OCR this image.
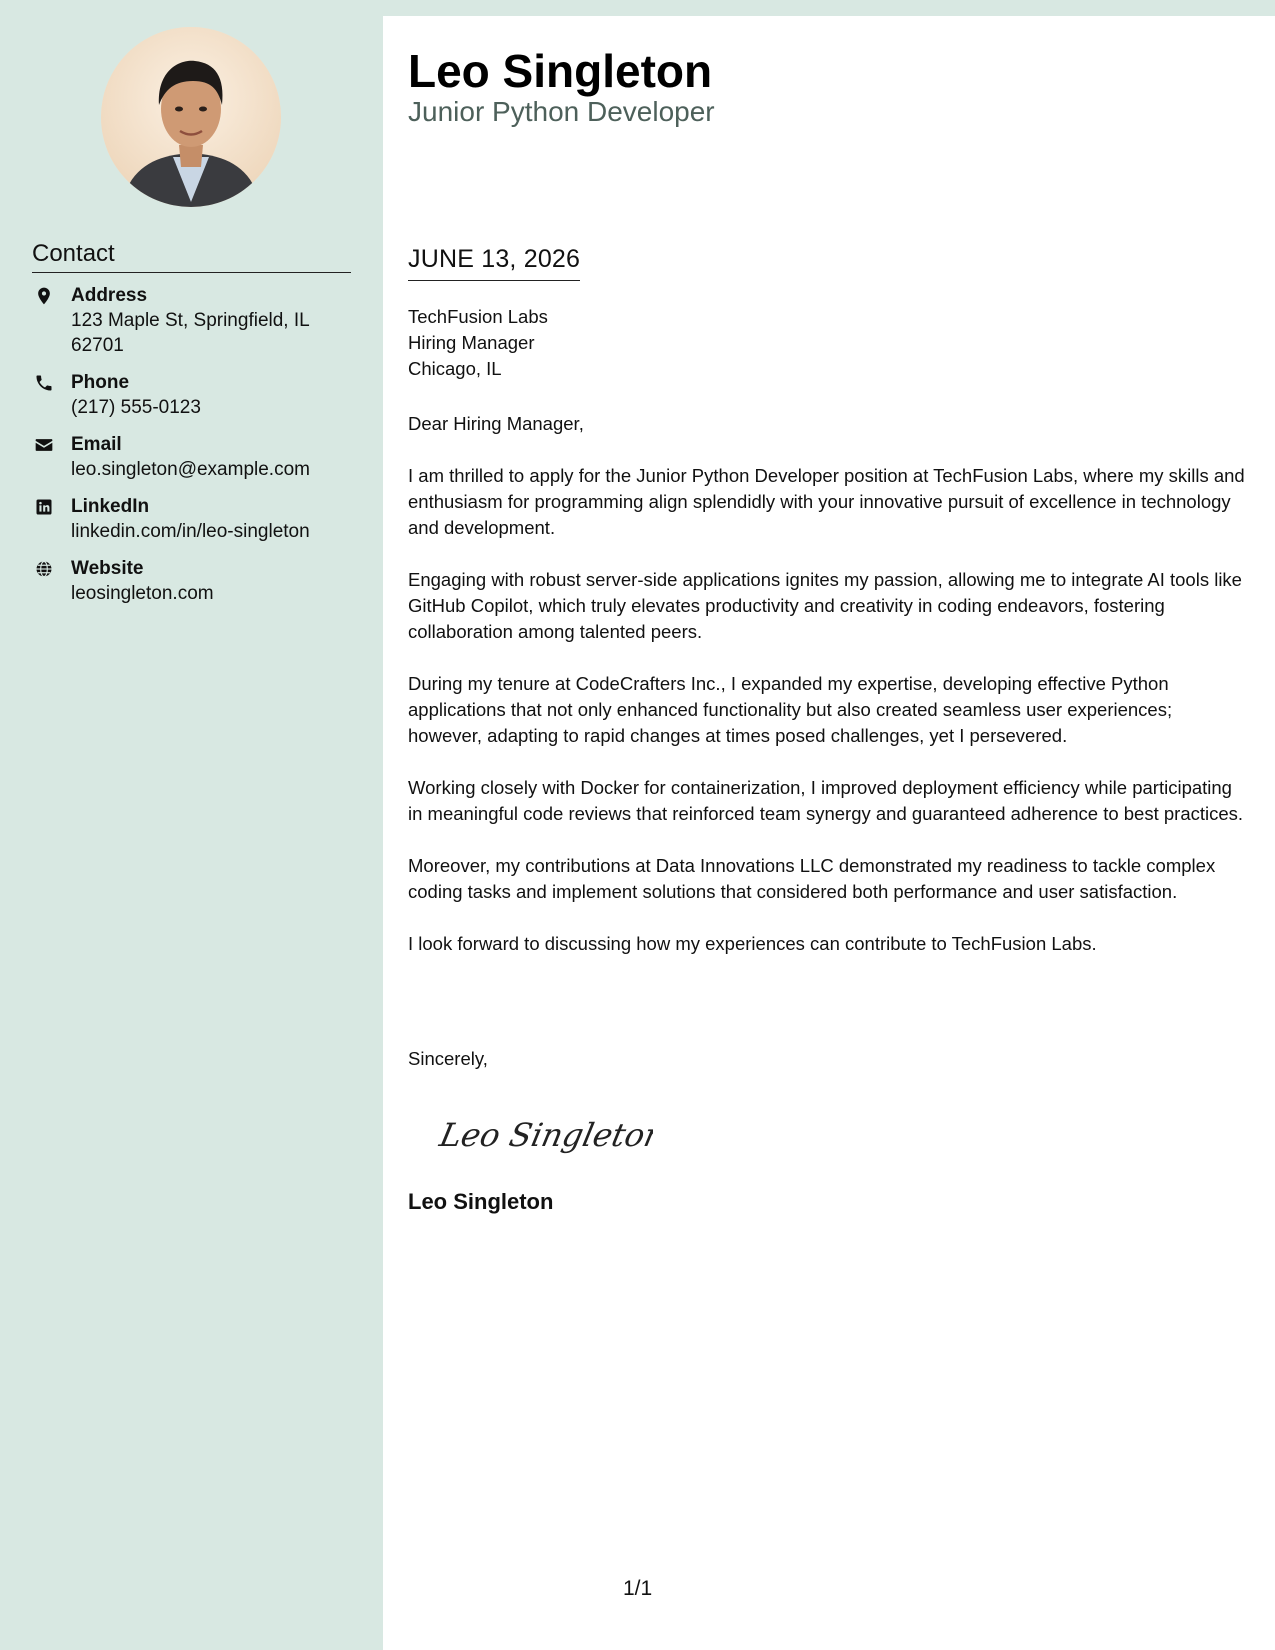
Contact
Address
123 Maple St, Springfield, IL 62701
Phone
(217) 555-0123
Email
leo.singleton@example.com
LinkedIn
linkedin.com/in/leo-singleton
Website
leosingleton.com
Leo Singleton
Junior Python Developer
JUNE 13, 2026
TechFusion Labs
Hiring Manager
Chicago, IL
Dear Hiring Manager,
I am thrilled to apply for the Junior Python Developer position at TechFusion Labs, where my skills and enthusiasm for programming align splendidly with your innovative pursuit of excellence in technology and development.
Engaging with robust server-side applications ignites my passion, allowing me to integrate AI tools like GitHub Copilot, which truly elevates productivity and creativity in coding endeavors, fostering collaboration among talented peers.
During my tenure at CodeCrafters Inc., I expanded my expertise, developing effective Python applications that not only enhanced functionality but also created seamless user experiences; however, adapting to rapid changes at times posed challenges, yet I persevered.
Working closely with Docker for containerization, I improved deployment efficiency while participating in meaningful code reviews that reinforced team synergy and guaranteed adherence to best practices.
Moreover, my contributions at Data Innovations LLC demonstrated my readiness to tackle complex coding tasks and implement solutions that considered both performance and user satisfaction.
I look forward to discussing how my experiences can contribute to TechFusion Labs.
Sincerely,
Leo Singleton
Leo Singleton
1/1
